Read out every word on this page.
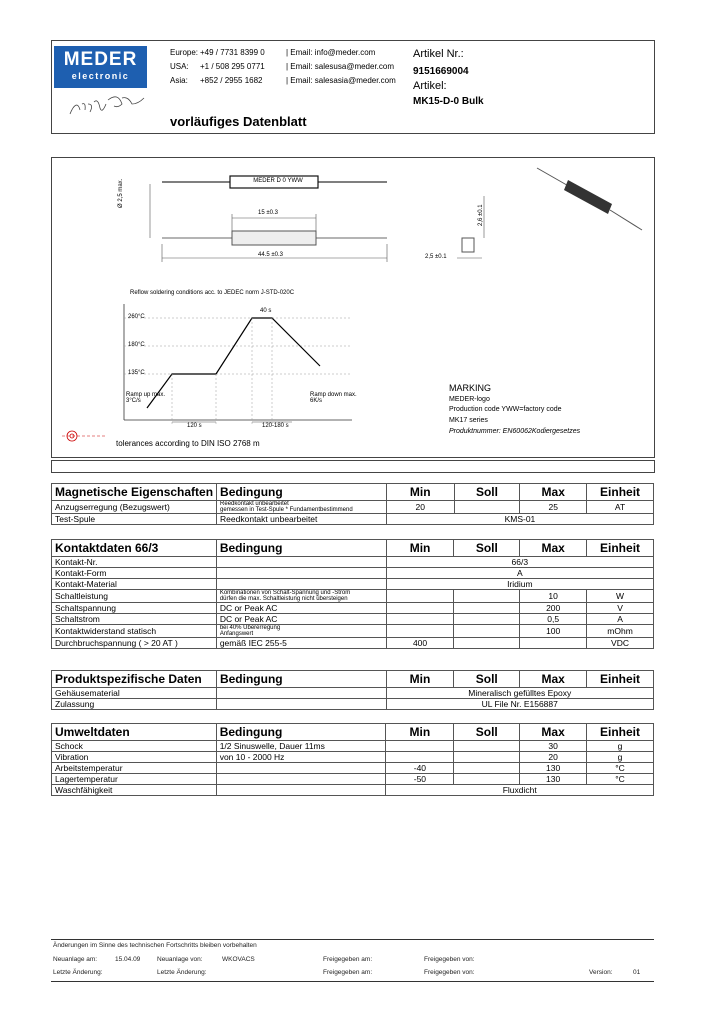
MEDER
electronic
Europe: +49 / 7731 8399 0	| Email: info@meder.com
USA: +1 / 508 295 0771	| Email: salesusa@meder.com
Asia: +852 / 2955 1682	| Email: salesasia@meder.com
Artikel Nr.:
9151669004
Artikel:
MK15-D-0 Bulk
vorläufiges Datenblatt
MEDER D 0 YWW
Ø 2,5 max.
15 ±0.3
44.5 ±0.3
2,6 ±0.1
2,5 ±0.1
Reflow soldering conditions acc. to JEDEC norm J-STD-020C
40 s
260°C
180°C
135°C
Ramp up max. 3°C/s
Ramp down max. 6K/s
120 s	120-180 s
MARKING
MEDER-logo
Production code YWW=factory code
MK17 series
Produktnummer: EN60062Kodiergesetzes
tolerances according to DIN ISO 2768 m
Magnetische Eigenschaften	Bedingung	Min	Soll	Max	Einheit
Anzugserregung (Bezugswert)	Reedkontakt unbearbeitet
gemessen in Test-Spule * Fundamentbestimmend	20		25	AT
Test-Spule	Reedkontakt unbearbeitet	KMS-01			
Kontaktdaten 66/3	Bedingung	Min	Soll	Max	Einheit
Kontakt-Nr.		66/3			
Kontakt-Form		A			
Kontakt-Material		Iridium			
Schaltleistung	Kombinationen von Schalt-Spannung und -Strom
dürfen die max. Schaltleistung nicht übersteigen			10	W
Schaltspannung	DC or Peak AC			200	V
Schaltstrom	DC or Peak AC			0,5	A
Kontaktwiderstand statisch	bei 40% Übererregung
Anfangswert			100	mOhm
Durchbruchspannung ( > 20 AT )	gemäß IEC 255-5	400			VDC
Produktspezifische Daten	Bedingung	Min	Soll	Max	Einheit
Gehäusematerial		Mineralisch gefülltes Epoxy			
Zulassung		UL File Nr. E156887			
Umweltdaten	Bedingung	Min	Soll	Max	Einheit
Schock	1/2 Sinuswelle, Dauer 11ms			30	g
Vibration	von 10 - 2000 Hz			20	g
Arbeitstemperatur		-40		130	°C
Lagertemperatur		-50		130	°C
Waschfähigkeit		Fluxdicht			
Änderungen im Sinne des technischen Fortschritts bleiben vorbehalten
Neuanlage am:	15.04.09	Neuanlage von:	WKOVACS	Freigegeben am:	Freigegeben von:
Letzte Änderung:	Letzte Änderung:	Freigegeben am:	Freigegeben von:	Version:	01
